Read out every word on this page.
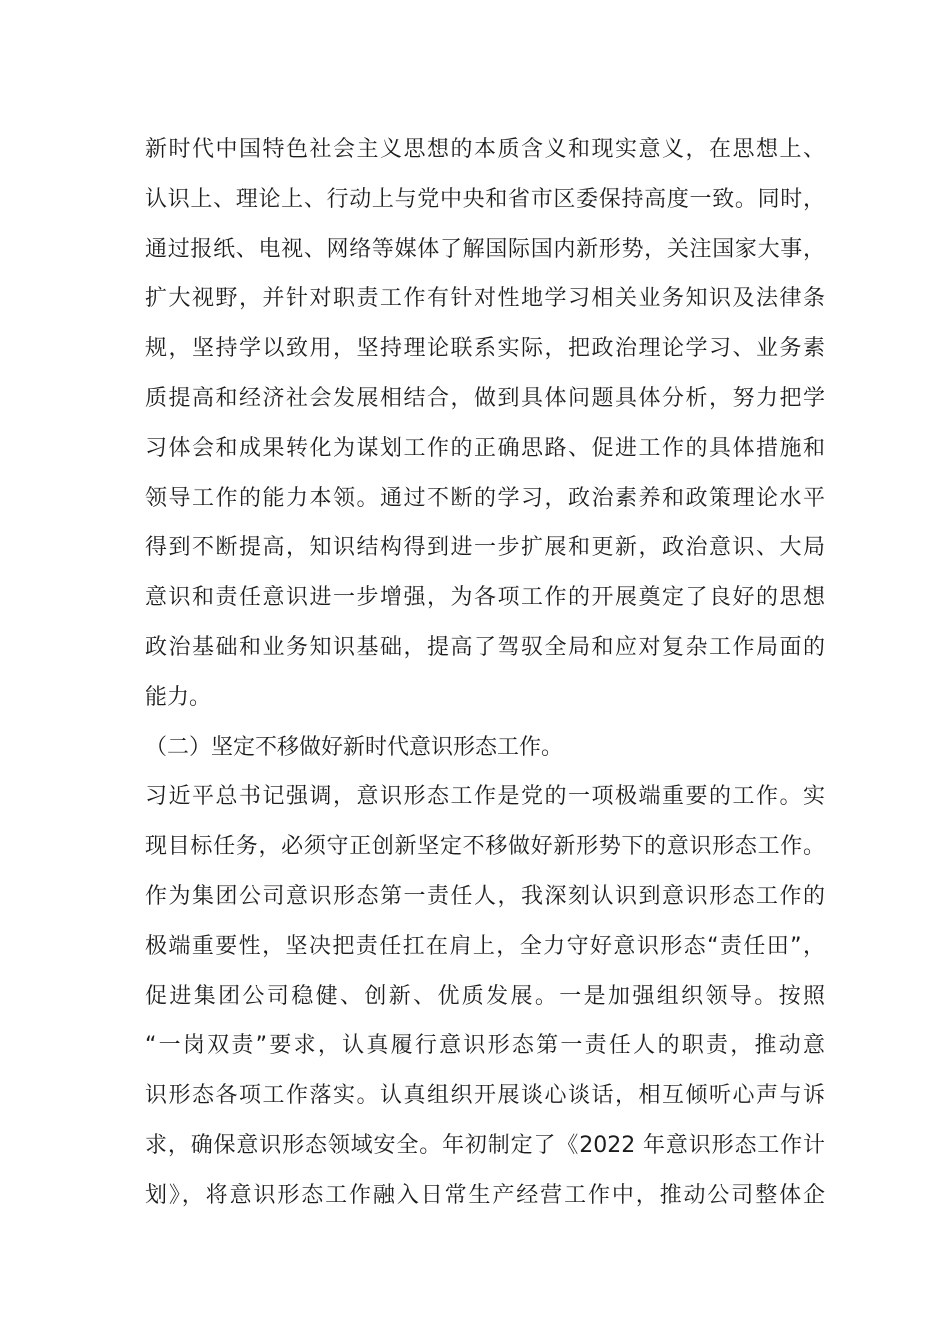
新时代中国特色社会主义思想的本质含义和现实意义，在思想上、
认识上、理论上、行动上与党中央和省市区委保持高度一致。同时，
通过报纸、电视、网络等媒体了解国际国内新形势，关注国家大事，
扩大视野，并针对职责工作有针对性地学习相关业务知识及法律条
规，坚持学以致用，坚持理论联系实际，把政治理论学习、业务素
质提高和经济社会发展相结合，做到具体问题具体分析，努力把学
习体会和成果转化为谋划工作的正确思路、促进工作的具体措施和
领导工作的能力本领。通过不断的学习，政治素养和政策理论水平
得到不断提高，知识结构得到进一步扩展和更新，政治意识、大局
意识和责任意识进一步增强，为各项工作的开展奠定了良好的思想
政治基础和业务知识基础，提高了驾驭全局和应对复杂工作局面的
能力。
（二）坚定不移做好新时代意识形态工作。
习近平总书记强调，意识形态工作是党的一项极端重要的工作。实
现目标任务，必须守正创新坚定不移做好新形势下的意识形态工作。
作为集团公司意识形态第一责任人，我深刻认识到意识形态工作的
极端重要性，坚决把责任扛在肩上，全力守好意识形态“责任田”，
促进集团公司稳健、创新、优质发展。一是加强组织领导。按照
“一岗双责”要求，认真履行意识形态第一责任人的职责，推动意
识形态各项工作落实。认真组织开展谈心谈话，相互倾听心声与诉
求，确保意识形态领域安全。年初制定了《2022 年意识形态工作计
划》，将意识形态工作融入日常生产经营工作中，推动公司整体企
